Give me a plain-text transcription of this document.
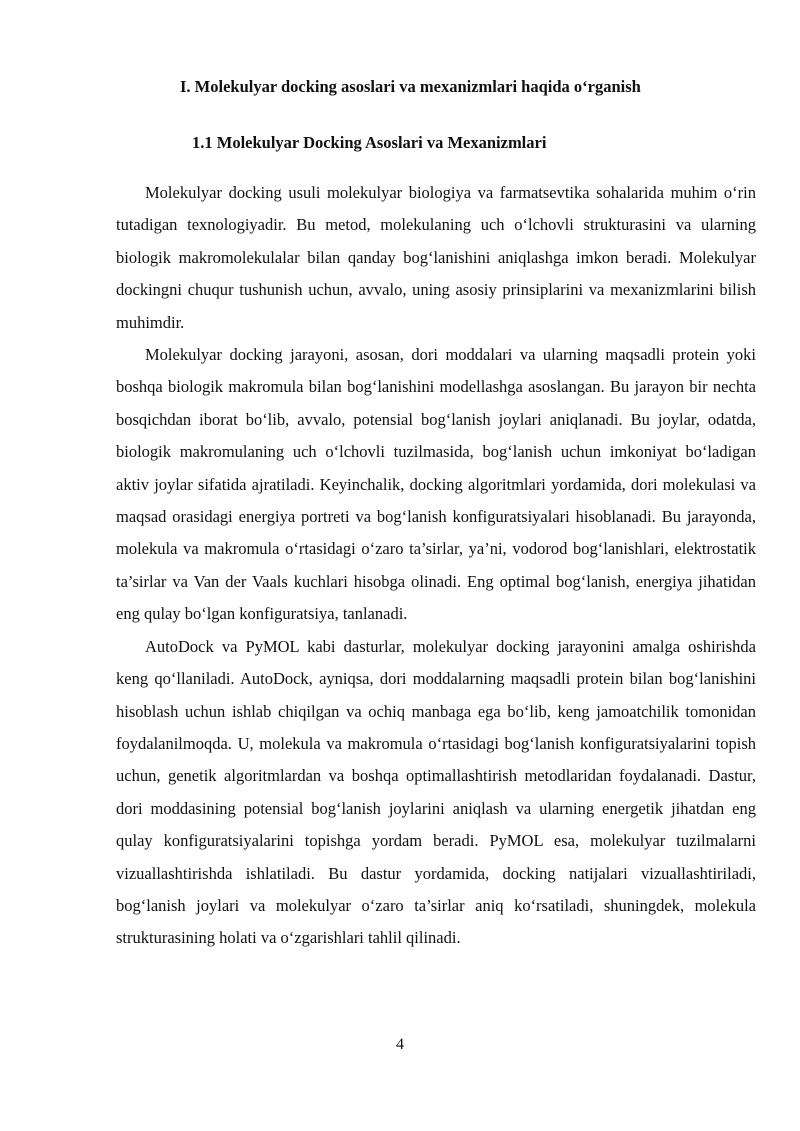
I. Molekulyar docking asoslari va mexanizmlari haqida o‘rganish
1.1 Molekulyar Docking Asoslari va Mexanizmlari

Molekulyar docking usuli molekulyar biologiya va farmatsevtika sohalarida muhim o‘rin tutadigan texnologiyadir. Bu metod, molekulaning uch o‘lchovli strukturasini va ularning biologik makromolekulalar bilan qanday bog‘lanishini aniqlashga imkon beradi. Molekulyar dockingni chuqur tushunish uchun, avvalo, uning asosiy prinsiplarini va mexanizmlarini bilish muhimdir.

Molekulyar docking jarayoni, asosan, dori moddalari va ularning maqsadli protein yoki boshqa biologik makromula bilan bog‘lanishini modellashga asoslangan. Bu jarayon bir nechta bosqichdan iborat bo‘lib, avvalo, potensial bog‘lanish joylari aniqlanadi. Bu joylar, odatda, biologik makromulaning uch o‘lchovli tuzilmasida, bog‘lanish uchun imkoniyat bo‘ladigan aktiv joylar sifatida ajratiladi. Keyinchalik, docking algoritmlari yordamida, dori molekulasi va maqsad orasidagi energiya portreti va bog‘lanish konfiguratsiyalari hisoblanadi. Bu jarayonda, molekula va makromula o‘rtasidagi o‘zaro ta’sirlar, ya’ni, vodorod bog‘lanishlari, elektrostatik ta’sirlar va Van der Vaals kuchlari hisobga olinadi. Eng optimal bog‘lanish, energiya jihatidan eng qulay bo‘lgan konfiguratsiya, tanlanadi.

AutoDock va PyMOL kabi dasturlar, molekulyar docking jarayonini amalga oshirishda keng qo‘llaniladi. AutoDock, ayniqsa, dori moddalarning maqsadli protein bilan bog‘lanishini hisoblash uchun ishlab chiqilgan va ochiq manbaga ega bo‘lib, keng jamoatchilik tomonidan foydalanilmoqda. U, molekula va makromula o‘rtasidagi bog‘lanish konfiguratsiyalarini topish uchun, genetik algoritmlardan va boshqa optimallashtirish metodlaridan foydalanadi. Dastur, dori moddasining potensial bog‘lanish joylarini aniqlash va ularning energetik jihatdan eng qulay konfiguratsiyalarini topishga yordam beradi. PyMOL esa, molekulyar tuzilmalarni vizuallashtirishda ishlatiladi. Bu dastur yordamida, docking natijalari vizuallashtiriladi, bog‘lanish joylari va molekulyar o‘zaro ta’sirlar aniq ko‘rsatiladi, shuningdek, molekula strukturasining holati va o‘zgarishlari tahlil qilinadi.

4
